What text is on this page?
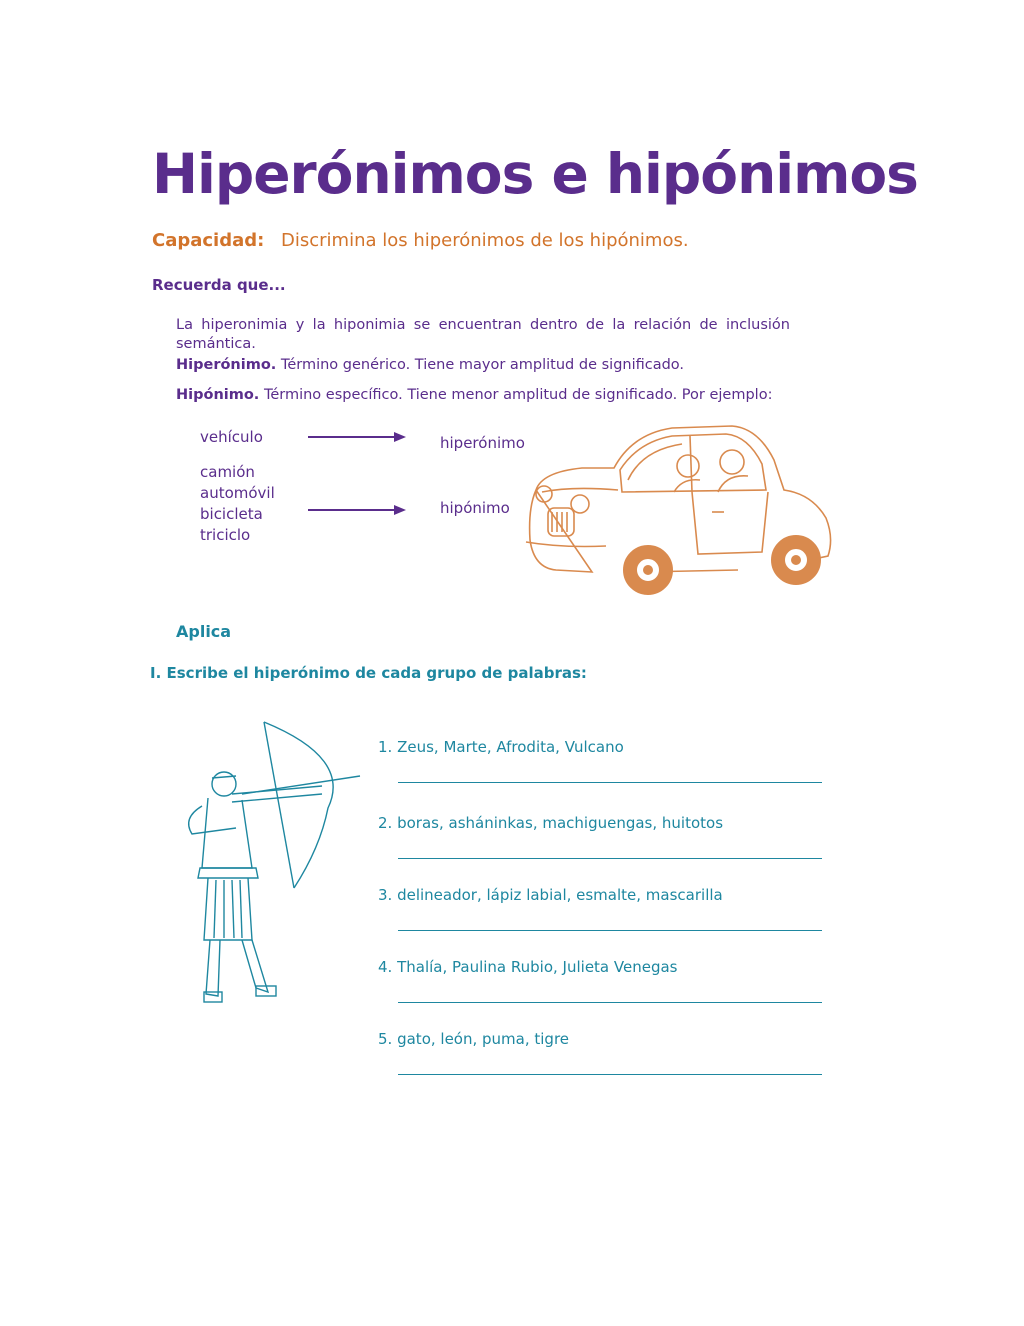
Hiperónimos e hipónimos
Capacidad: Discrimina los hiperónimos de los hipónimos.
Recuerda que...
La hiperonimia y la hiponimia se encuentran dentro de la relación de inclusión semántica.
Hiperónimo. Término genérico. Tiene mayor amplitud de significado.
Hipónimo. Término específico. Tiene menor amplitud de significado. Por ejemplo:
vehículo	hiperónimo
camión
automóvil
bicicleta
triciclo
hipónimo
Aplica
I. Escribe el hiperónimo de cada grupo de palabras:
1. Zeus, Marte, Afrodita, Vulcano
2. boras, asháninkas, machiguengas, huitotos
3. delineador, lápiz labial, esmalte, mascarilla
4. Thalía, Paulina Rubio, Julieta Venegas
5. gato, león, puma, tigre
